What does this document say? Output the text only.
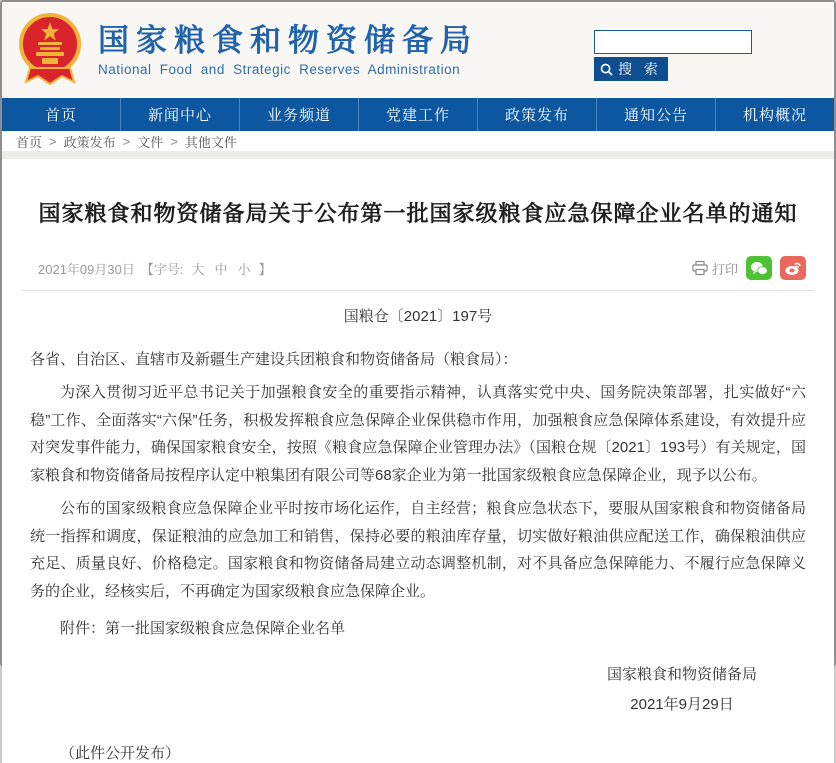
国家粮食和物资储备局
National Food and Strategic Reserves Administration	搜 索
首页	新闻中心	业务频道	党建工作	政策发布	通知公告	机构概况
首页 > 政策发布 > 文件 > 其他文件
国家粮食和物资储备局关于公布第一批国家级粮食应急保障企业名单的通知
2021年09月30日 【字号: 大 中 小 】	打印
国粮仓〔2021〕197号
各省、自治区、直辖市及新疆生产建设兵团粮食和物资储备局（粮食局）：

为深入贯彻习近平总书记关于加强粮食安全的重要指示精神，认真落实党中央、国务院决策部署，扎实做好“六稳”工作、全面落实“六保”任务，积极发挥粮食应急保障企业保供稳市作用，加强粮食应急保障体系建设，有效提升应对突发事件能力，确保国家粮食安全，按照《粮食应急保障企业管理办法》（国粮仓规〔2021〕193号）有关规定，国家粮食和物资储备局按程序认定中粮集团有限公司等68家企业为第一批国家级粮食应急保障企业，现予以公布。

公布的国家级粮食应急保障企业平时按市场化运作，自主经营；粮食应急状态下，要服从国家粮食和物资储备局统一指挥和调度，保证粮油的应急加工和销售，保持必要的粮油库存量，切实做好粮油供应配送工作，确保粮油供应充足、质量良好、价格稳定。国家粮食和物资储备局建立动态调整机制，对不具备应急保障能力、不履行应急保障义务的企业，经核实后，不再确定为国家级粮食应急保障企业。

附件：第一批国家级粮食应急保障企业名单
国家粮食和物资储备局
2021年9月29日
（此件公开发布）
